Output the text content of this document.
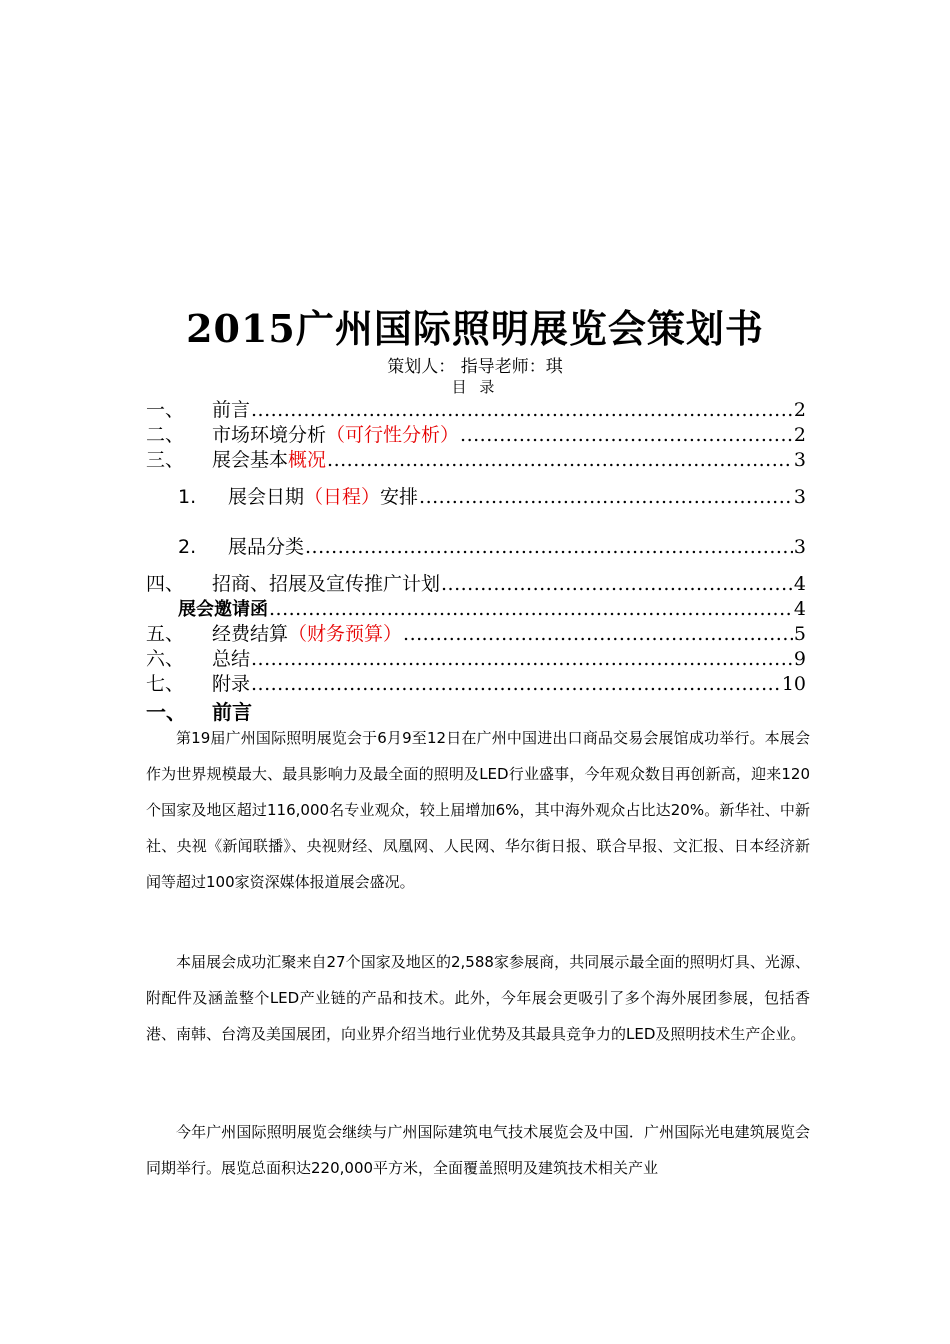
2015广州国际照明展览会策划书
策划人： 指导老师：琪
目 录
一、	前言 .....	2
二、	市场环境分析 （可行性分析） .....	2
三、	展会基本 概况 .....	3
1.	展会日期 （日程） 安排 .....	3
2.	展品分类 .....	3
四、	招商、招展及宣传推广计划 .....	4
展会邀请函 .....	4
五、	经费结算 （财务预算） .....	5
六、	总结 .....	9
七、	附录 .....	10
一、 前言

第19届广州国际照明展览会于6月9至12日在广州中国进出口商品交易会展馆成功举行。本展会作为世界规模最大、最具影响力及最全面的照明及LED行业盛事，今年观众数目再创新高，迎来120个国家及地区超过116,000名专业观众，较上届增加6%，其中海外观众占比达20%。新华社、中新社、央视《新闻联播》、央视财经、凤凰网、人民网、华尔街日报、联合早报、文汇报、日本经济新闻等超过100家资深媒体报道展会盛况。

本届展会成功汇聚来自27个国家及地区的2,588家参展商，共同展示最全面的照明灯具、光源、附配件及涵盖整个LED产业链的产品和技术。此外，今年展会更吸引了多个海外展团参展，包括香港、南韩、台湾及美国展团，向业界介绍当地行业优势及其最具竞争力的LED及照明技术生产企业。

今年广州国际照明展览会继续与广州国际建筑电气技术展览会及中国．广州国际光电建筑展览会同期举行。展览总面积达220,000平方米，全面覆盖照明及建筑技术相关产业
